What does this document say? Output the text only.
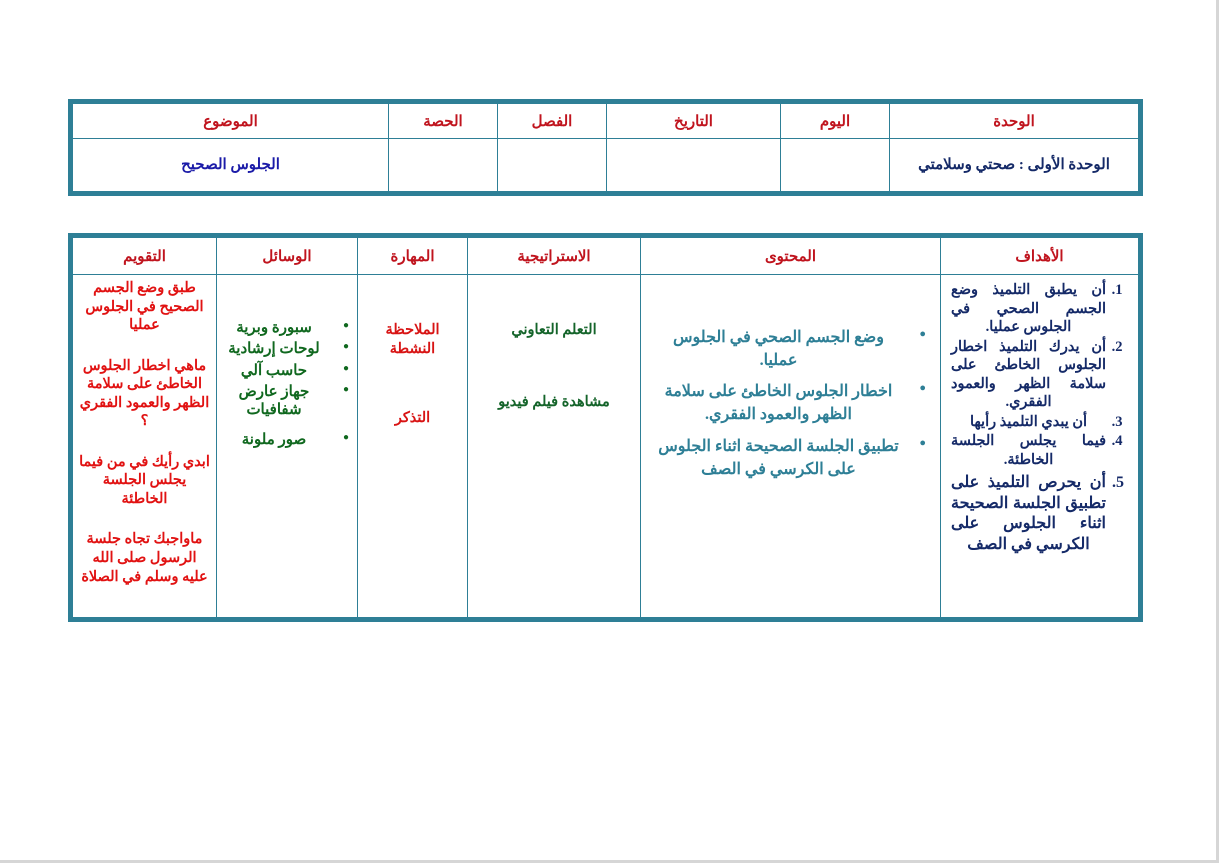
الوحدة	اليوم	التاريخ	الفصل	الحصة	الموضوع
الوحدة الأولى : صحتي وسلامتي					الجلوس الصحيح
الأهداف	المحتوى	الاستراتيجية	المهارة	الوسائل	التقويم

1. أن يطبق التلميذ وضع الجسم الصحي في الجلوس عمليا.
2. أن يدرك التلميذ اخطار الجلوس الخاطئ على سلامة الظهر والعمود الفقري.
3. أن يبدي التلميذ رأيها
4. فيما يجلس الجلسة الخاطئة.
5. أن يحرص التلميذ على تطبيق الجلسة الصحيحة اثناء الجلوس على الكرسي في الصف

● وضع الجسم الصحي في الجلوس عمليا.
● اخطار الجلوس الخاطئ على سلامة الظهر والعمود الفقري.
● تطبيق الجلسة الصحيحة اثناء الجلوس على الكرسي في الصف

التعلم التعاوني
مشاهدة فيلم فيديو

الملاحظة النشطة
التذكر

● سبورة وبرية
● لوحات إرشادية
● حاسب آلي
● جهاز عارض شفافيات
● صور ملونة

طبق وضع الجسم الصحيح في الجلوس عمليا

ماهي اخطار الجلوس الخاطئ على سلامة الظهر والعمود الفقري ؟

ابدي رأيك في من فيما يجلس الجلسة الخاطئة

ماواجبك تجاه جلسة الرسول صلى الله عليه وسلم في الصلاة
